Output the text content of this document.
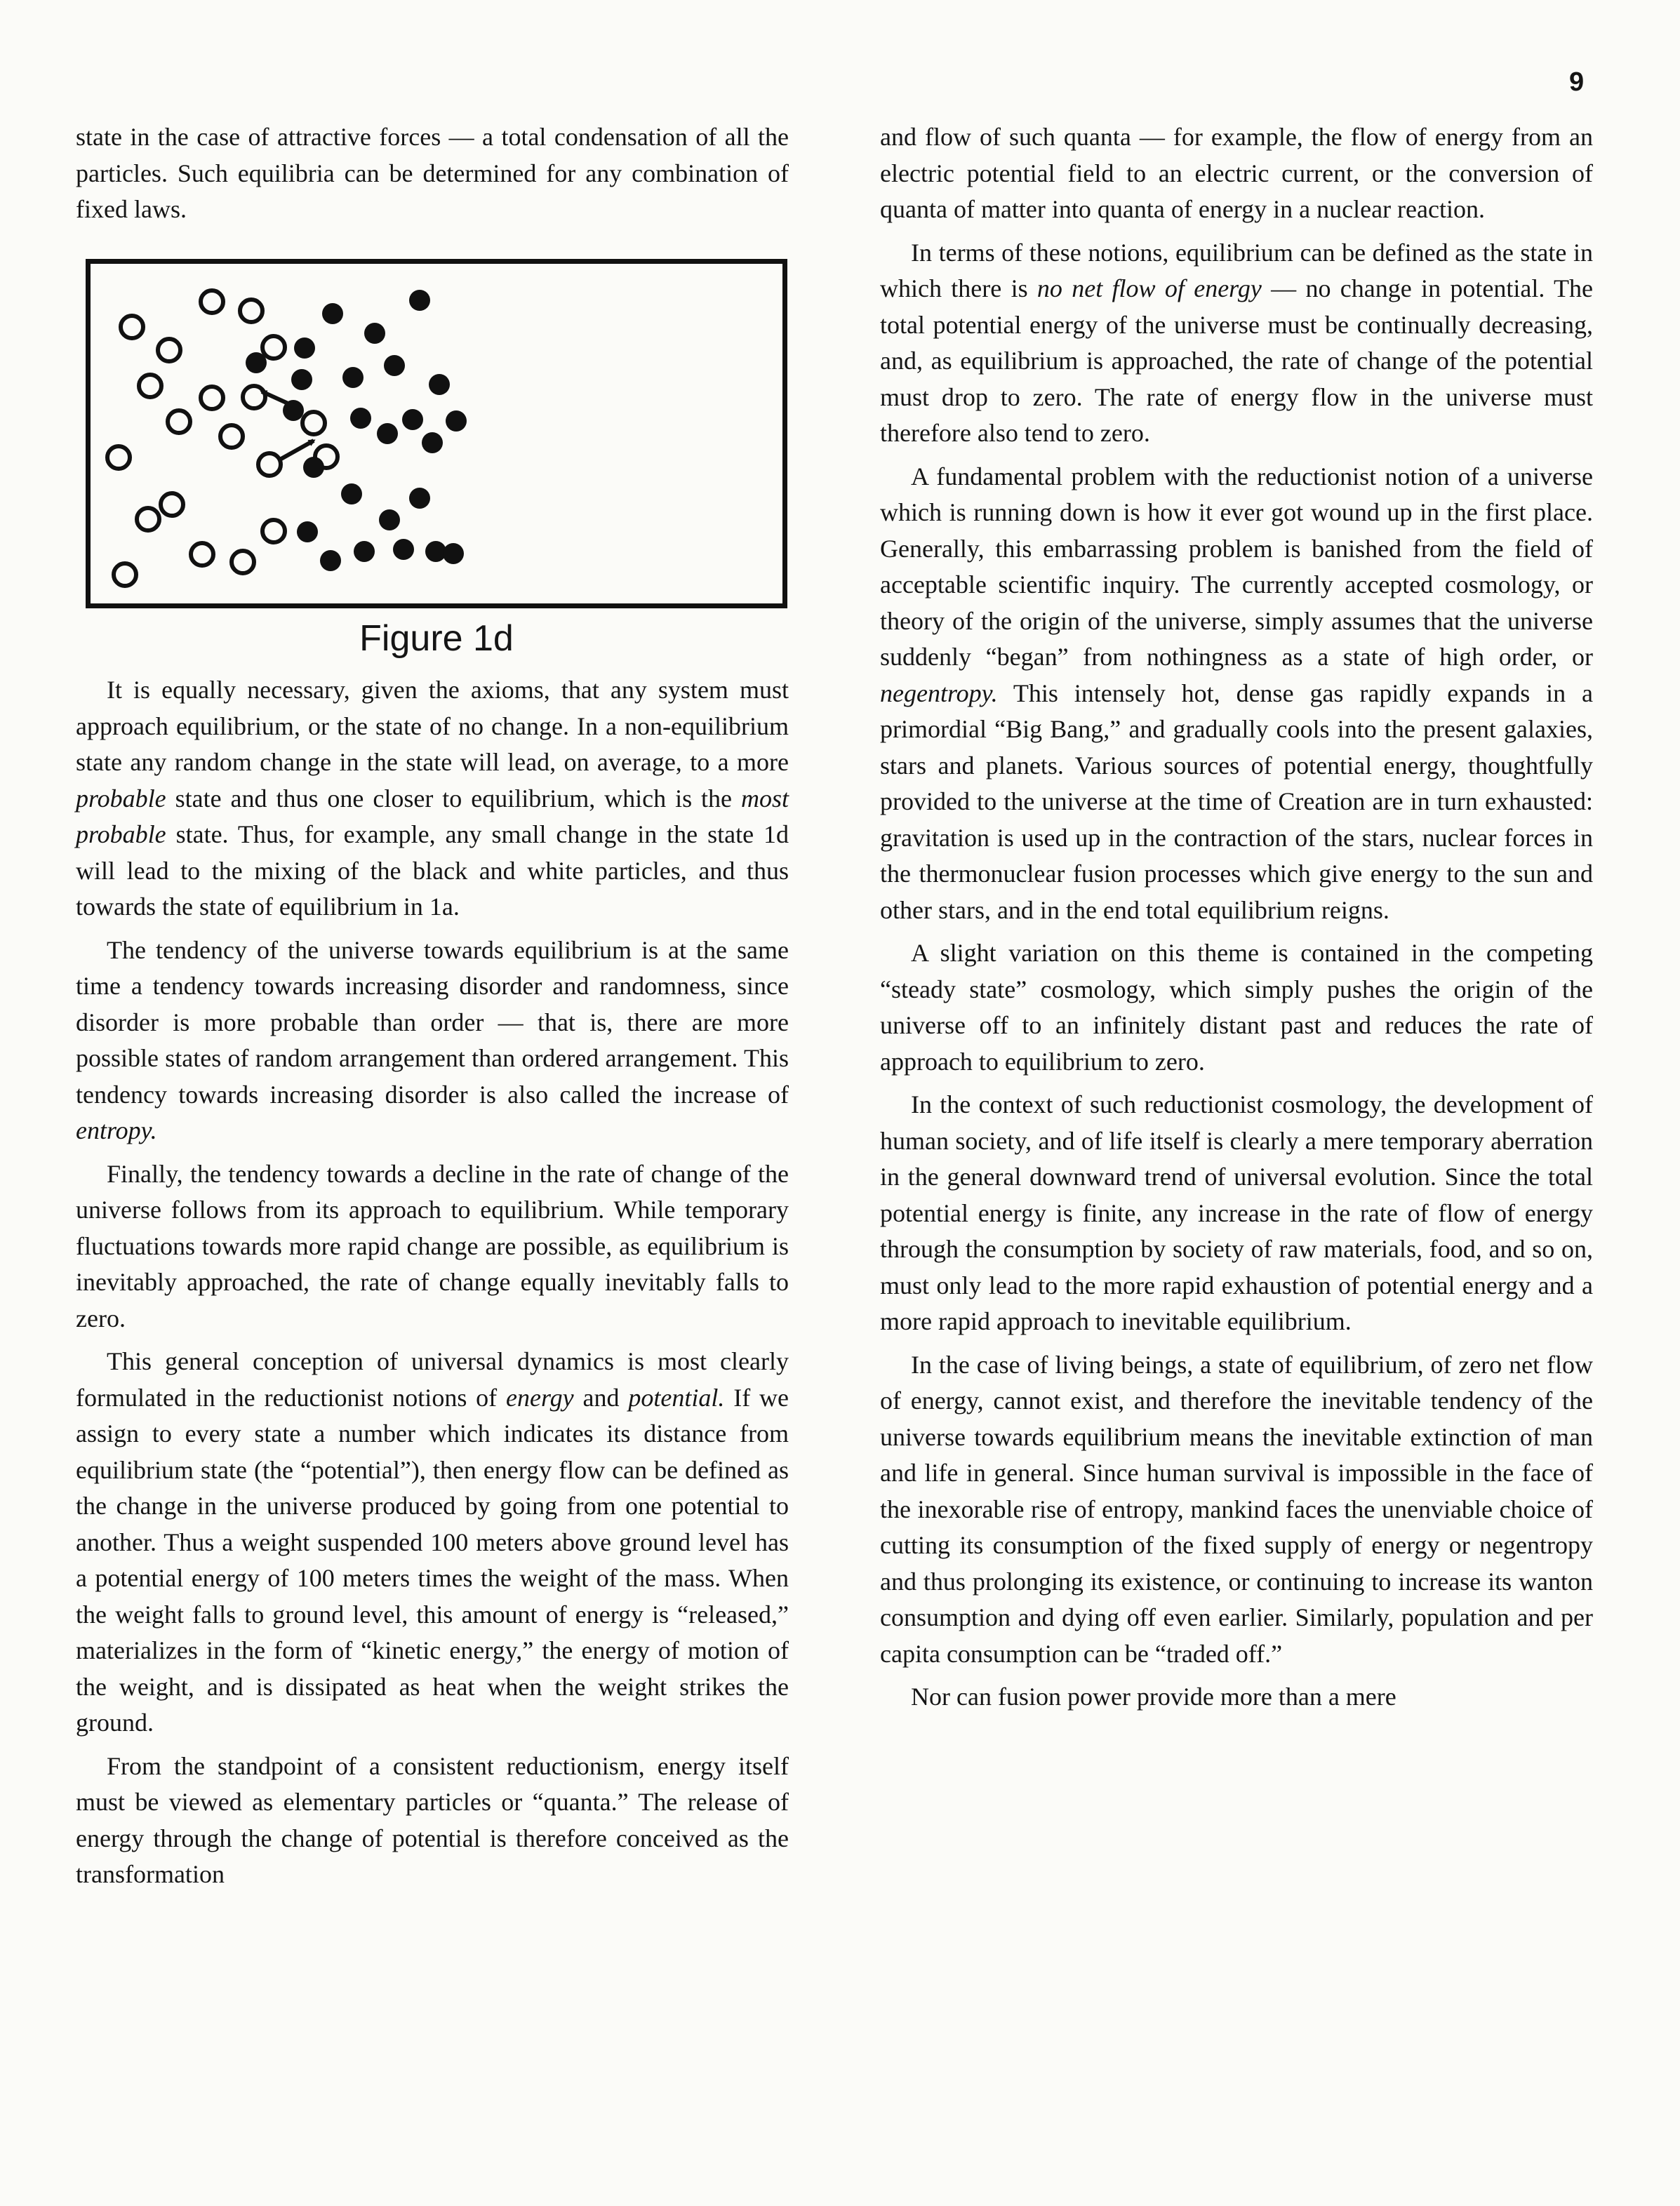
9

state in the case of attractive forces — a total condensation of all the particles. Such equilibria can be determined for any combination of fixed laws.

Figure 1d

It is equally necessary, given the axioms, that any system must approach equilibrium, or the state of no change. In a non-equilibrium state any random change in the state will lead, on average, to a more probable state and thus one closer to equilibrium, which is the most probable state. Thus, for example, any small change in the state 1d will lead to the mixing of the black and white particles, and thus towards the state of equilibrium in 1a.

The tendency of the universe towards equilibrium is at the same time a tendency towards increasing disorder and randomness, since disorder is more probable than order — that is, there are more possible states of random arrangement than ordered arrangement. This tendency towards increasing disorder is also called the increase of entropy.

Finally, the tendency towards a decline in the rate of change of the universe follows from its approach to equilibrium. While temporary fluctuations towards more rapid change are possible, as equilibrium is inevitably approached, the rate of change equally inevitably falls to zero.

This general conception of universal dynamics is most clearly formulated in the reductionist notions of energy and potential. If we assign to every state a number which indicates its distance from equilibrium state (the “potential”), then energy flow can be defined as the change in the universe produced by going from one potential to another. Thus a weight suspended 100 meters above ground level has a potential energy of 100 meters times the weight of the mass. When the weight falls to ground level, this amount of energy is “released,” materializes in the form of “kinetic energy,” the energy of motion of the weight, and is dissipated as heat when the weight strikes the ground.

From the standpoint of a consistent reductionism, energy itself must be viewed as elementary particles or “quanta.” The release of energy through the change of potential is therefore conceived as the transformation

and flow of such quanta — for example, the flow of energy from an electric potential field to an electric current, or the conversion of quanta of matter into quanta of energy in a nuclear reaction.

In terms of these notions, equilibrium can be defined as the state in which there is no net flow of energy — no change in potential. The total potential energy of the universe must be continually decreasing, and, as equilibrium is approached, the rate of change of the potential must drop to zero. The rate of energy flow in the universe must therefore also tend to zero.

A fundamental problem with the reductionist notion of a universe which is running down is how it ever got wound up in the first place. Generally, this embarrassing problem is banished from the field of acceptable scientific inquiry. The currently accepted cosmology, or theory of the origin of the universe, simply assumes that the universe suddenly “began” from nothingness as a state of high order, or negentropy. This intensely hot, dense gas rapidly expands in a primordial “Big Bang,” and gradually cools into the present galaxies, stars and planets. Various sources of potential energy, thoughtfully provided to the universe at the time of Creation are in turn exhausted: gravitation is used up in the contraction of the stars, nuclear forces in the thermonuclear fusion processes which give energy to the sun and other stars, and in the end total equilibrium reigns.

A slight variation on this theme is contained in the competing “steady state” cosmology, which simply pushes the origin of the universe off to an infinitely distant past and reduces the rate of approach to equilibrium to zero.

In the context of such reductionist cosmology, the development of human society, and of life itself is clearly a mere temporary aberration in the general downward trend of universal evolution. Since the total potential energy is finite, any increase in the rate of flow of energy through the consumption by society of raw materials, food, and so on, must only lead to the more rapid exhaustion of potential energy and a more rapid approach to inevitable equilibrium.

In the case of living beings, a state of equilibrium, of zero net flow of energy, cannot exist, and therefore the inevitable tendency of the universe towards equilibrium means the inevitable extinction of man and life in general. Since human survival is impossible in the face of the inexorable rise of entropy, mankind faces the unenviable choice of cutting its consumption of the fixed supply of energy or negentropy and thus prolonging its existence, or continuing to increase its wanton consumption and dying off even earlier. Similarly, population and per capita consumption can be “traded off.”

Nor can fusion power provide more than a mere
